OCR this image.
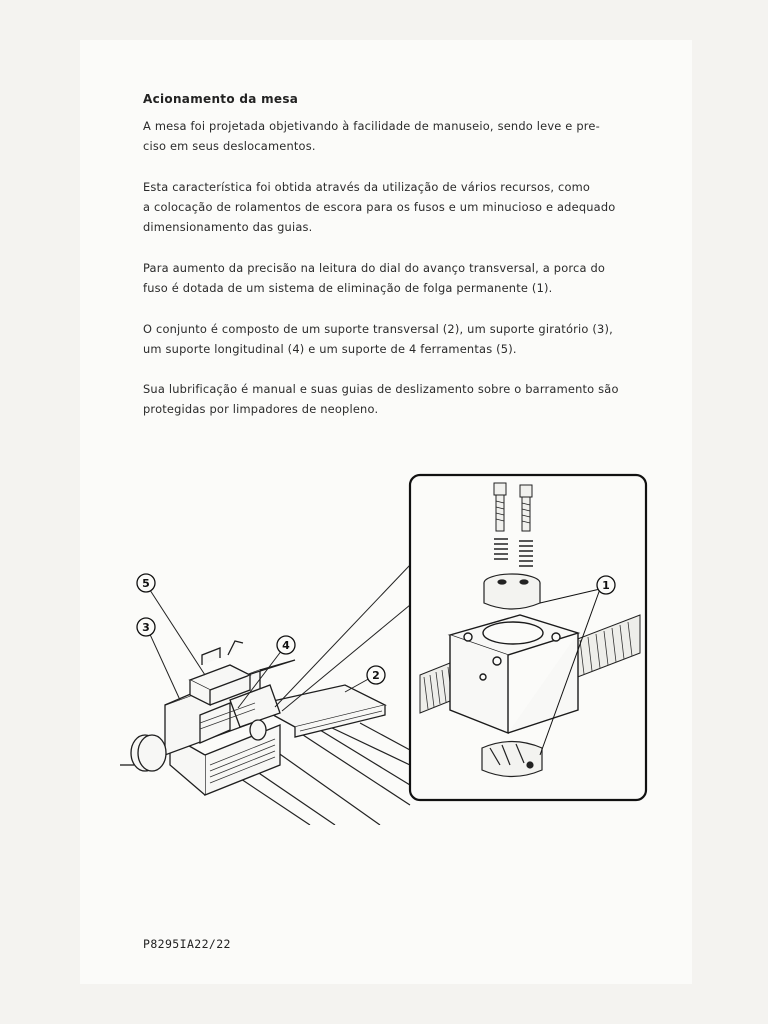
Acionamento da mesa
A mesa foi projetada objetivando à facilidade de manuseio, sendo leve e pre-
ciso em seus deslocamentos.
Esta característica foi obtida através da utilização de vários recursos, como
a colocação de rolamentos de escora para os fusos e um minucioso e adequado
dimensionamento das guias.
Para aumento da precisão na leitura do dial do avanço transversal, a porca do
fuso é dotada de um sistema de eliminação de folga permanente (1).
O conjunto é composto de um suporte transversal (2), um suporte giratório (3),
um suporte longitudinal (4) e um suporte de 4 ferramentas (5).
Sua lubrificação é manual e suas guias de deslizamento sobre o barramento são
protegidas por limpadores de neopleno.
5
3
4
2
1
P8295IA22/22
